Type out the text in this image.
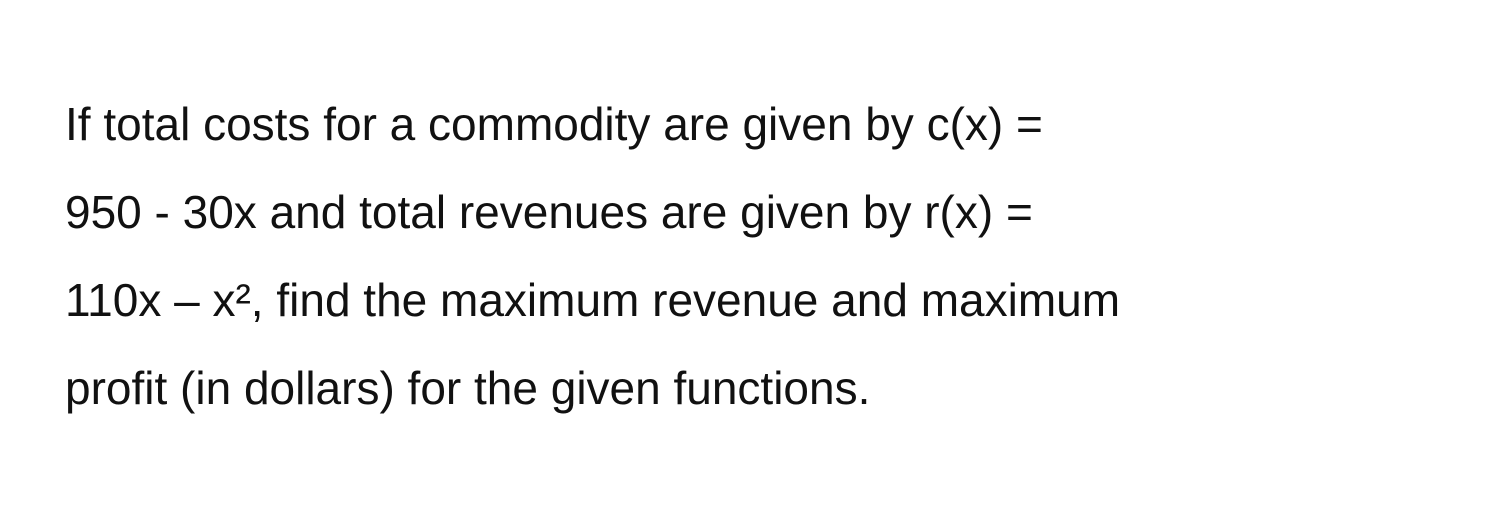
If total costs for a commodity are given by c(x) =
950 - 30x and total revenues are given by r(x) =
110x – x², find the maximum revenue and maximum
profit (in dollars) for the given functions.
